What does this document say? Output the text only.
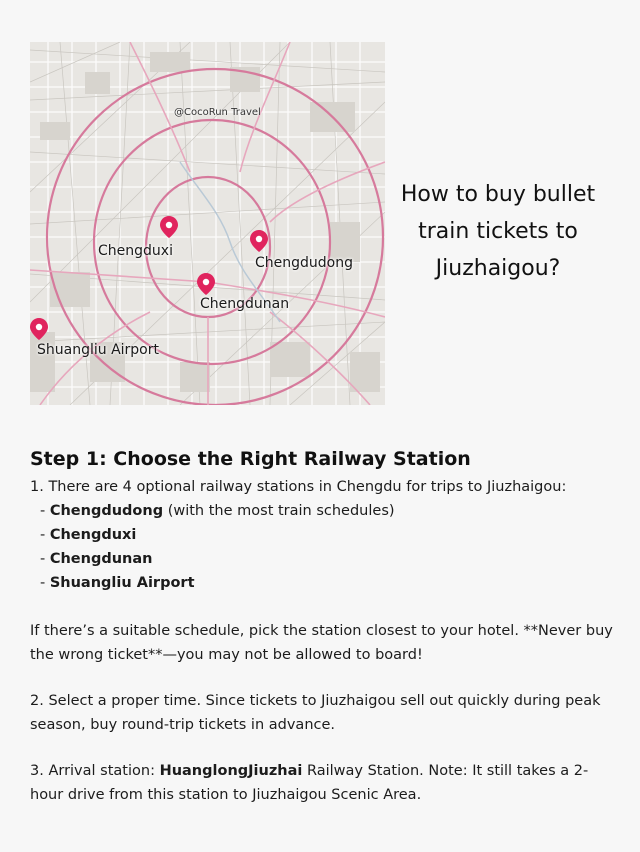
@CocoRun Travel
Chengduxi
Chengdudong
Chengdunan
Shuangliu Airport
How to buy bullet
train tickets to
Jiuzhaigou?
Step 1: Choose the Right Railway Station

1. There are 4 optional railway stations in Chengdu for trips to Jiuzhaigou:

- Chengdudong (with the most train schedules)
- Chengduxi
- Chengdunan
- Shuangliu Airport

If there’s a suitable schedule, pick the station closest to your hotel. **Never buy the wrong ticket**—you may not be allowed to board!

2. Select a proper time. Since tickets to Jiuzhaigou sell out quickly during peak season, buy round-trip tickets in advance.

3. Arrival station: HuanglongJiuzhai Railway Station. Note: It still takes a 2-hour drive from this station to Jiuzhaigou Scenic Area.
